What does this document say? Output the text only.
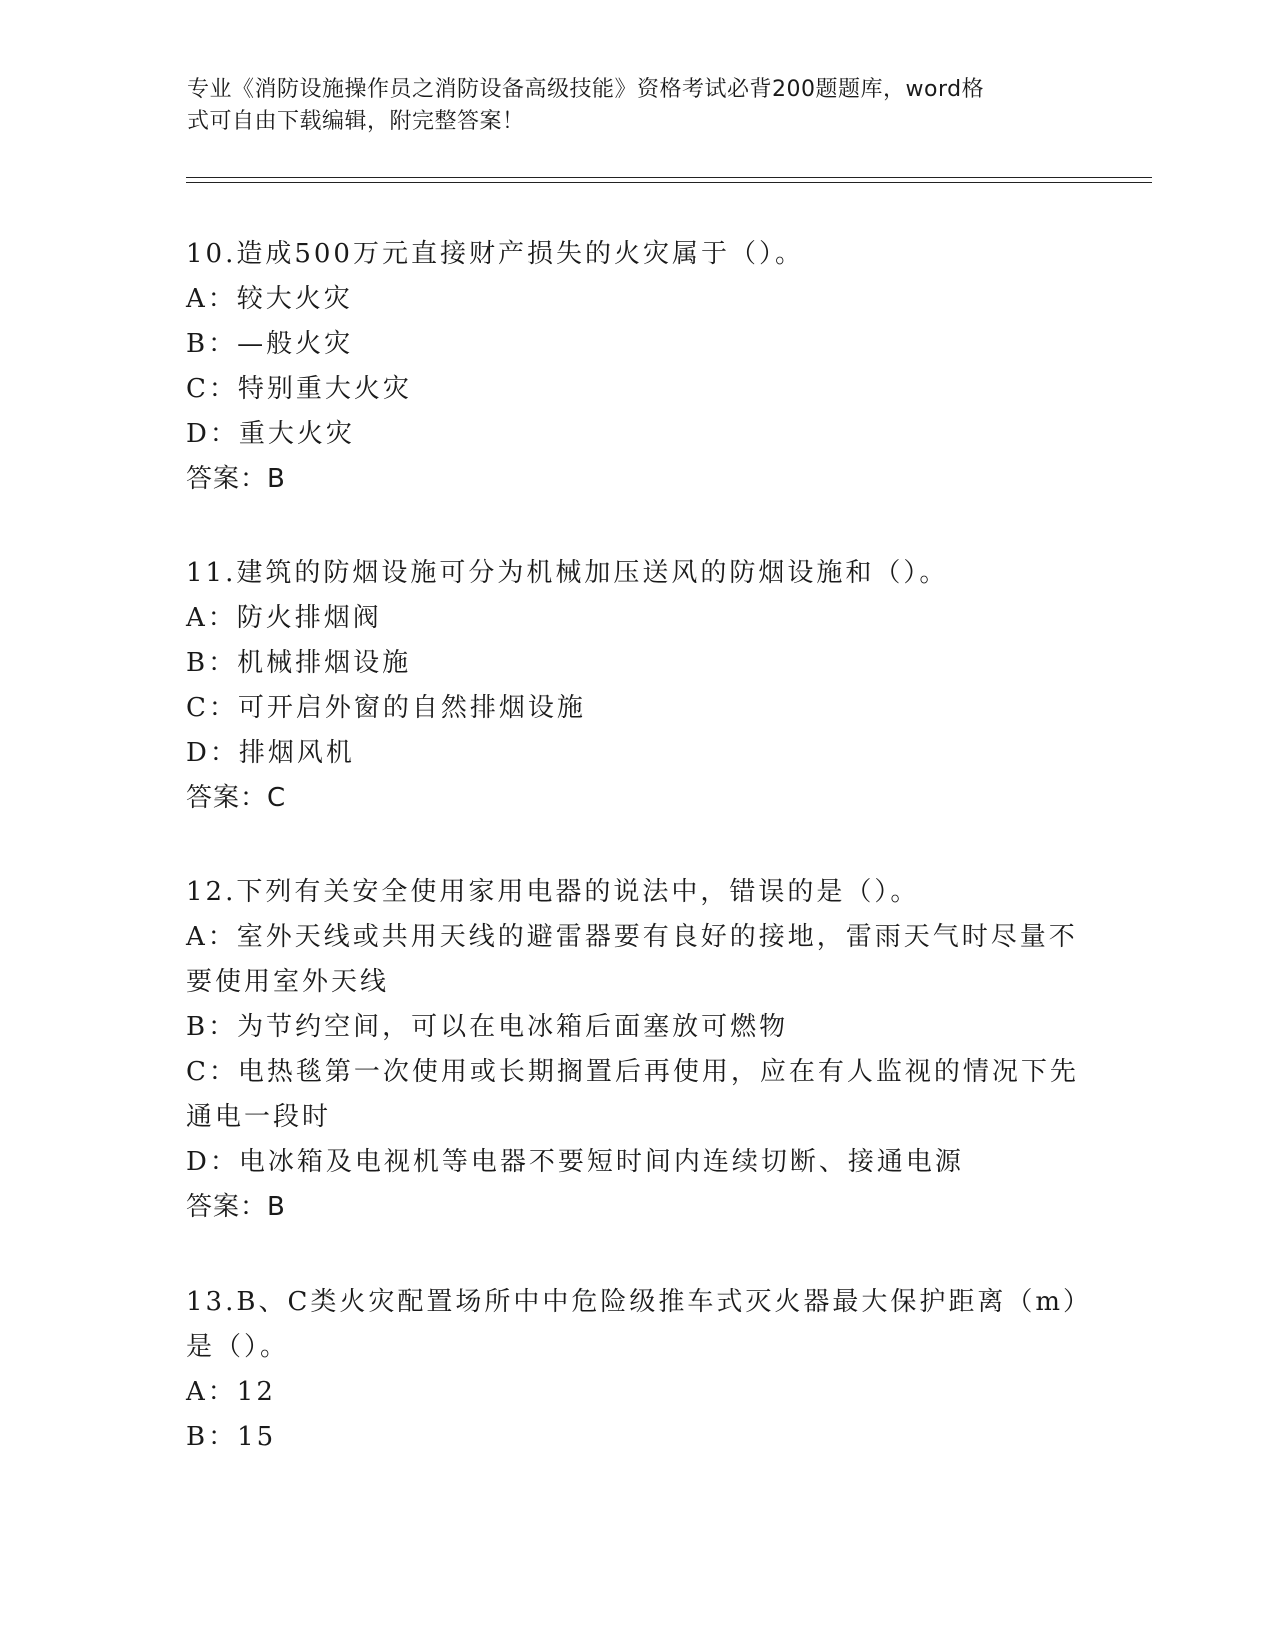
专业《消防设施操作员之消防设备高级技能》资格考试必背200题题库，word格
式可自由下载编辑，附完整答案！
10.造成500万元直接财产损失的火灾属于（）。
A：较大火灾
B：—般火灾
C：特别重大火灾
D：重大火灾
答案：B
11.建筑的防烟设施可分为机械加压送风的防烟设施和（）。
A：防火排烟阀
B：机械排烟设施
C：可开启外窗的自然排烟设施
D：排烟风机
答案：C
12.下列有关安全使用家用电器的说法中，错误的是（）。
A：室外天线或共用天线的避雷器要有良好的接地，雷雨天气时尽量不
要使用室外天线
B：为节约空间，可以在电冰箱后面塞放可燃物
C：电热毯第一次使用或长期搁置后再使用，应在有人监视的情况下先
通电一段时
D：电冰箱及电视机等电器不要短时间内连续切断、接通电源
答案：B
13.B、C类火灾配置场所中中危险级推车式灭火器最大保护距离（m）
是（）。
A：12
B：15
